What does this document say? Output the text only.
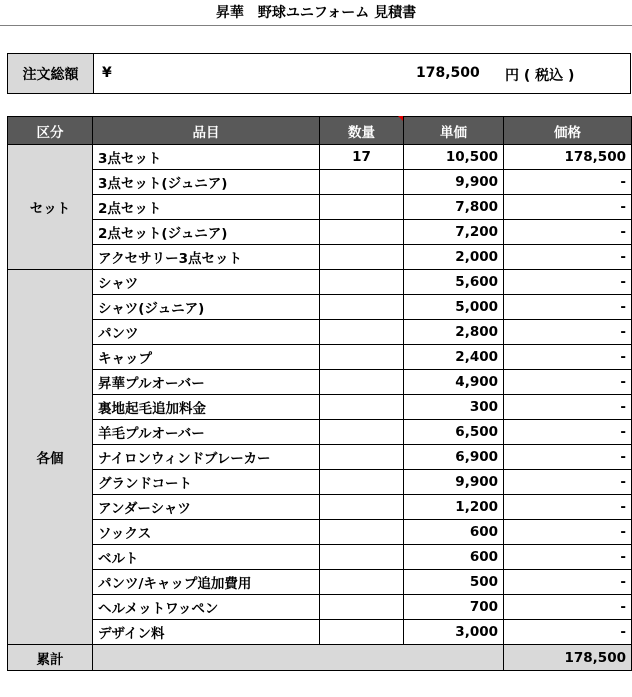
昇華　野球ユニフォーム 見積書
注文総額	¥	178,500 円 ( 税込 )
区分	品目	数量	単価	価格
セット	3点セット	17	10,500	178,500
	3点セット(ジュニア)		9,900	-
	2点セット		7,800	-
	2点セット(ジュニア)		7,200	-
	アクセサリー3点セット		2,000	-
各個	シャツ		5,600	-
	シャツ(ジュニア)		5,000	-
	パンツ		2,800	-
	キャップ		2,400	-
	昇華プルオーバー		4,900	-
	裏地起毛追加料金		300	-
	羊毛プルオーバー		6,500	-
	ナイロンウィンドブレーカー		6,900	-
	グランドコート		9,900	-
	アンダーシャツ		1,200	-
	ソックス		600	-
	ベルト		600	-
	パンツ/キャップ追加費用		500	-
	ヘルメットワッペン		700	-
	デザイン料		3,000	-
累計				178,500
